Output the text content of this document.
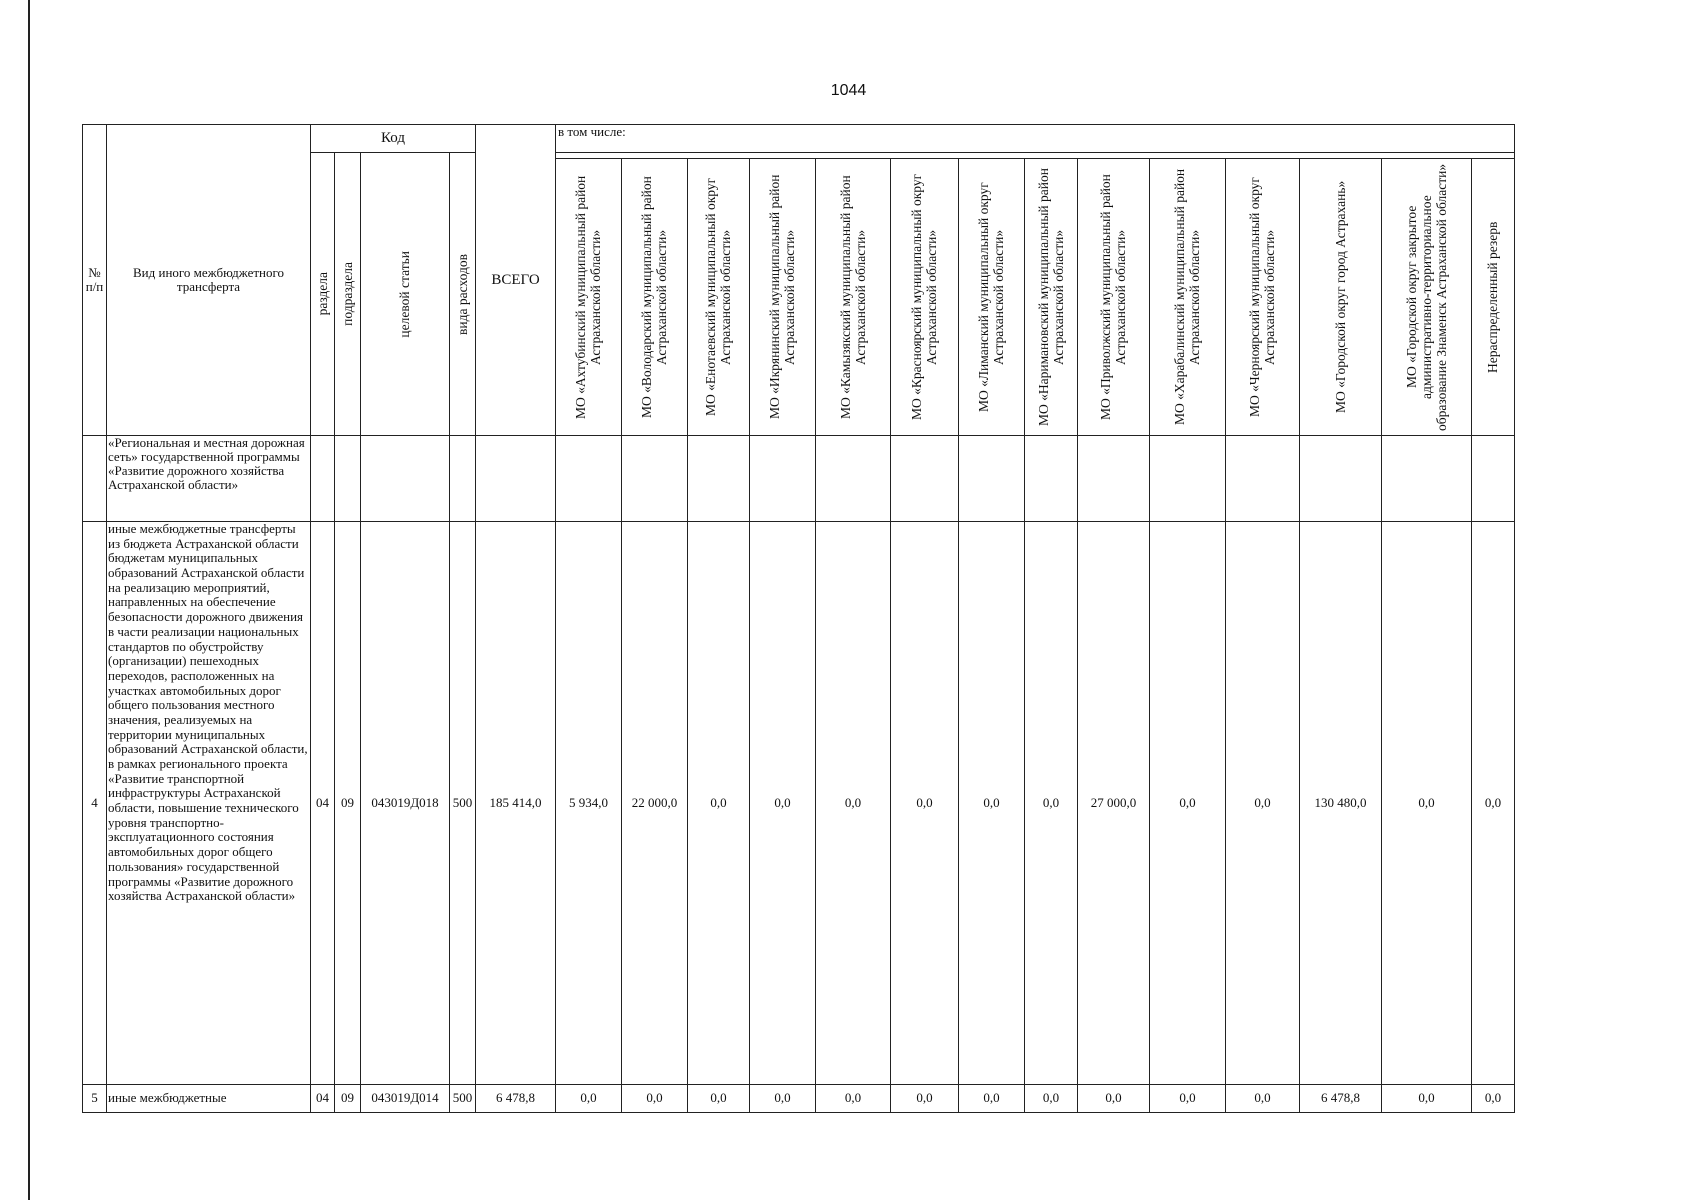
1044
№ п/п	Вид иного межбюджетного трансферта	Код				ВСЕГО	в том числе:													

		раздела	подраздела	целевой статьи	вида расходов															

							МО «Ахтубинский муниципальный район Астраханской области»	МО «Володарский муниципальный район Астраханской области»	МО «Енотаевский муниципальный округ Астраханской области»	МО «Икрянинский муниципальный район Астраханской области»	МО «Камызякский муниципальный район Астраханской области»	МО «Красноярский муниципальный округ Астраханской области»	МО «Лиманский муниципальный округ Астраханской области»	МО «Наримановский муниципальный район Астраханской области»	МО «Приволжский муниципальный район Астраханской области»	МО «Харабалинский муниципальный район Астраханской области»	МО «Черноярский муниципальный округ Астраханской области»	МО «Городской округ город Астрахань»	МО «Городской округ закрытое административно-территориальное образование Знаменск Астраханской области»	Нераспределенный резерв

	«Региональная и местная дорожная сеть» государственной программы «Развитие дорожного хозяйства Астраханской области»																			
4	иные межбюджетные трансферты из бюджета Астраханской области бюджетам муниципальных образований Астраханской области на реализацию мероприятий, направленных на обеспечение безопасности дорожного движения в части реализации национальных стандартов по обустройству (организации) пешеходных переходов, расположенных на участках автомобильных дорог общего пользования местного значения, реализуемых на территории муниципальных образований Астраханской области, в рамках регионального проекта «Развитие транспортной инфраструктуры Астраханской области, повышение технического уровня транспортно-эксплуатационного состояния автомобильных дорог общего пользования» государственной программы «Развитие дорожного хозяйства Астраханской области»	04	09	043019Д018	500	185 414,0	5 934,0	22 000,0	0,0	0,0	0,0	0,0	0,0	0,0	27 000,0	0,0	0,0	130 480,0	0,0	0,0
5	иные межбюджетные	04	09	043019Д014	500	6 478,8	0,0	0,0	0,0	0,0	0,0	0,0	0,0	0,0	0,0	0,0	0,0	6 478,8	0,0	0,0
